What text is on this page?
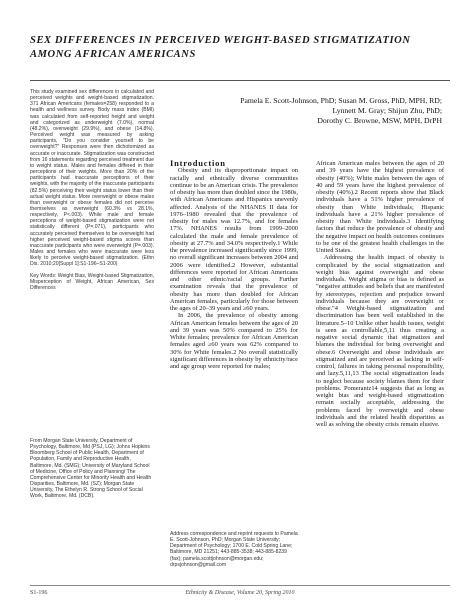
SEX DIFFERENCES IN PERCEIVED WEIGHT-BASED STIGMATIZATION AMONG AFRICAN AMERICANS
Pamela E. Scott-Johnson, PhD; Susan M. Gross, PhD, MPH, RD;
Lynnett M. Gray; Shijun Zhu, PhD;
Dorothy C. Browne, MSW, MPH, DrPH

This study examined sex differences in calculated and perceived weights and weight-based stigmatization. 371 African Americans (females=258) responded to a health and wellness survey. Body mass index (BMI) was calculated from self-reported height and weight and categorized as underweight (7.0%), normal (48.2%), overweight (29.9%), and obese (14.8%). Perceived weight was measured by asking participants, "Do you consider yourself to be overweight?" Responses were then dichotomized as accurate or inaccurate. Stigmatization was constructed from 16 statements regarding perceived treatment due to weight status. Males and females differed in their perceptions of their weights. More than 20% of the participants had inaccurate perceptions of their weights, with the majority of the inaccurate participants (82.5%) perceiving their weight status lower than their actual weight status. More overweight or obese males than overweight or obese females did not perceive themselves as overweight (60.3% vs 28.1%, respectively, P<.003). While male and female perceptions of weight-based stigmatization were not statistically different (P=.071), participants who accurately perceived themselves to be overweight had higher perceived weight-based stigma scores than inaccurate participants who were overweight (P=.003). Males and females who were inaccurate were less likely to perceive weight-based stigmatization. (Ethn Dis. 2010;20[Suppl 1]:S1-196–S1-200)

Key Words: Weight Bias, Weight-based Stigmatization, Misperception of Weight, African American, Sex Differences

From Morgan State University, Department of Psychology, Baltimore, Md (PSJ, LG); Johns Hopkins Bloomberg School of Public Health, Department of Population, Family and Reproductive Health, Baltimore, Md. (SMG); University of Maryland School of Medicine, Office of Policy and Planning/ The Comprehensive Center for Minority Health and Health Disparities, Baltimore, Md. (SZ); Morgan State University, The Ethelyn R. Strong School of Social Work, Baltimore, Md. (DCB).

Introduction

Obesity and its disproportionate impact on racially and ethnically diverse communities continue to be an American crisis. The prevalence of obesity has more than doubled since the 1980s, with African Americans and Hispanics unevenly affected. Analysis of the NHANES II data for 1976–1980 revealed that the prevalence of obesity for males was 12.7%, and for females 17%. NHANES results from 1999–2000 calculated the male and female prevalence of obesity at 27.7% and 34.0% respectively.1 While the prevalence increased significantly since 1999, no overall significant increases between 2004 and 2006 were identified.2 However, substantial differences were reported for African Americans and other ethnic/racial groups. Further examination reveals that the prevalence of obesity has more than doubled for African American females, particularly for those between the ages of 20–39 years and ≥60 years.

In 2006, the prevalence of obesity among African American females between the ages of 20 and 39 years was 50% compared to 25% for White females; prevalence for African American females aged ≥60 years was 62% compared to 30% for White females.2 No overall statistically significant differences in obesity by ethnicity/race and age group were reported for males;

Address correspondence and reprint requests to Pamela E. Scott-Johnson, PhD; Morgan State University; Department of Psychology; 1700 E. Cold Spring Lane; Baltimore, MD 21251; 443-885-3538; 443-885-8239 (fax); pamela.scottjohnson@morgan.edu; drpsjohnson@gmail.com

African American males between the ages of 20 and 39 years have the highest prevalence of obesity (40%); White males between the ages of 40 and 59 years have the highest prevalence of obesity (40%).2 Recent reports show that Black individuals have a 51% higher prevalence of obesity than White individuals; Hispanic individuals have a 21% higher prevalence of obesity than White individuals.3 Identifying factors that reduce the prevalence of obesity and the negative impact on health outcomes continues to be one of the greatest health challenges in the United States.

Addressing the health impact of obesity is complicated by the social stigmatization and weight bias against overweight and obese individuals. Weight stigma or bias is defined as "negative attitudes and beliefs that are manifested by stereotypes, rejection and prejudice toward individuals because they are overweight or obese."4 Weight-based stigmatization and discrimination has been well established in the literature.5–10 Unlike other health issues, weight is seen as controllable,5,11 thus creating a negative social dynamic that stigmatizes and blames the individual for being overweight and obese.6 Overweight and obese individuals are stigmatized and are perceived as lacking in self-control, failures in taking personal responsibility, and lazy.5,11,13 The social stigmatization leads to neglect because society blames them for their problems. Pomerantz14 suggests that as long as weight bias and weight-based stigmatization remain socially acceptable, addressing the problems faced by overweight and obese individuals and the related health disparities as well as solving the obesity crisis remain elusive.

Ethnicity & Disease, Volume 20, Spring 2010
S1-196
